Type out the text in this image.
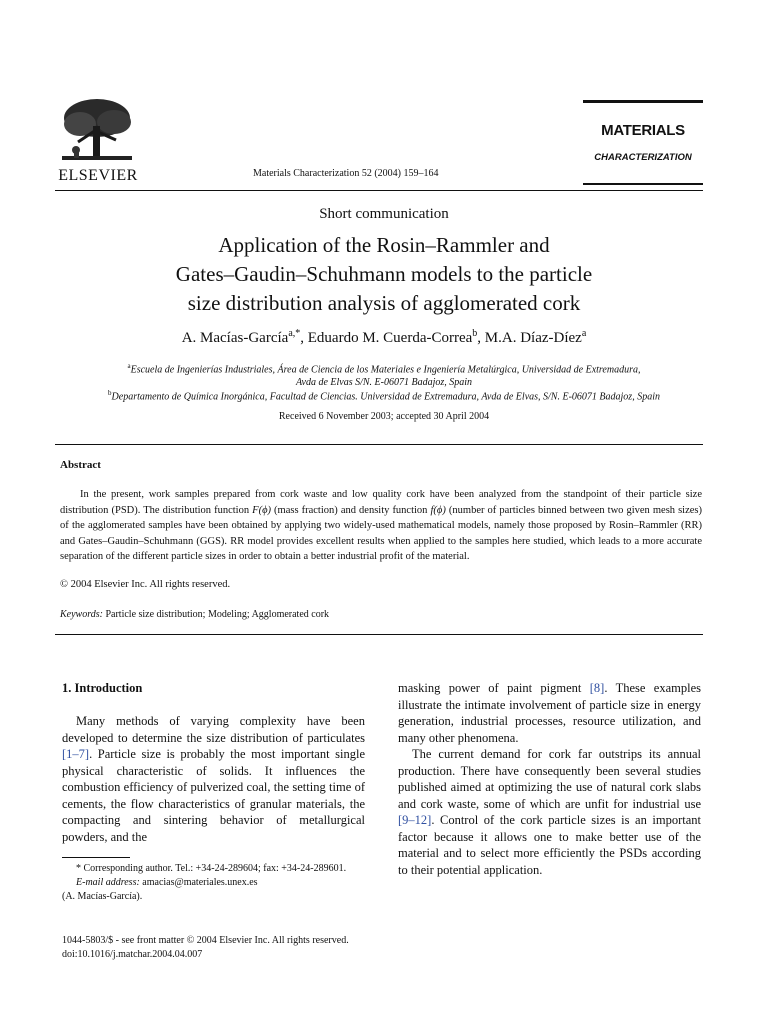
ELSEVIER	Materials Characterization 52 (2004) 159–164
MATERIALS
CHARACTERIZATION
Short communication
Application of the Rosin–Rammler and
Gates–Gaudin–Schuhmann models to the particle
size distribution analysis of agglomerated cork
A. Macías-García$^{a,*}$, Eduardo M. Cuerda-Correa$^b$, M.A. Díaz-Díez$^a$
$^a$Escuela de Ingenierías Industriales, Área de Ciencia de los Materiales e Ingeniería Metalúrgica, Universidad de Extremadura,
Avda de Elvas S/N. E-06071 Badajoz, Spain
$^b$Departamento de Química Inorgánica, Facultad de Ciencias. Universidad de Extremadura, Avda de Elvas, S/N. E-06071 Badajoz, Spain
Received 6 November 2003; accepted 30 April 2004
Abstract

In the present, work samples prepared from cork waste and low quality cork have been analyzed from the standpoint of their particle size distribution (PSD). The distribution function F(ϕ) (mass fraction) and density function f(ϕ) (number of particles binned between two given mesh sizes) of the agglomerated samples have been obtained by applying two widely-used mathematical models, namely those proposed by Rosin–Rammler (RR) and Gates–Gaudin–Schuhmann (GGS). RR model provides excellent results when applied to the samples here studied, which leads to a more accurate separation of the different particle sizes in order to obtain a better industrial profit of the material.

© 2004 Elsevier Inc. All rights reserved.
Keywords: Particle size distribution; Modeling; Agglomerated cork
1. Introduction

Many methods of varying complexity have been developed to determine the size distribution of particulates [1–7]. Particle size is probably the most important single physical characteristic of solids. It influences the combustion efficiency of pulverized coal, the setting time of cements, the flow characteristics of granular materials, the compacting and sintering behavior of metallurgical powders, and the

masking power of paint pigment [8]. These examples illustrate the intimate involvement of particle size in energy generation, industrial processes, resource utilization, and many other phenomena.

The current demand for cork far outstrips its annual production. There have consequently been several studies published aimed at optimizing the use of natural cork slabs and cork waste, some of which are unfit for industrial use [9–12]. Control of the cork particle sizes is an important factor because it allows one to make better use of the material and to select more efficiently the PSDs according to their potential application.

* Corresponding author. Tel.: +34-24-289604; fax: +34-24-289601.
E-mail address: amacias@materiales.unex.es
(A. Macías-García).
1044-5803/$ - see front matter © 2004 Elsevier Inc. All rights reserved.
doi:10.1016/j.matchar.2004.04.007
